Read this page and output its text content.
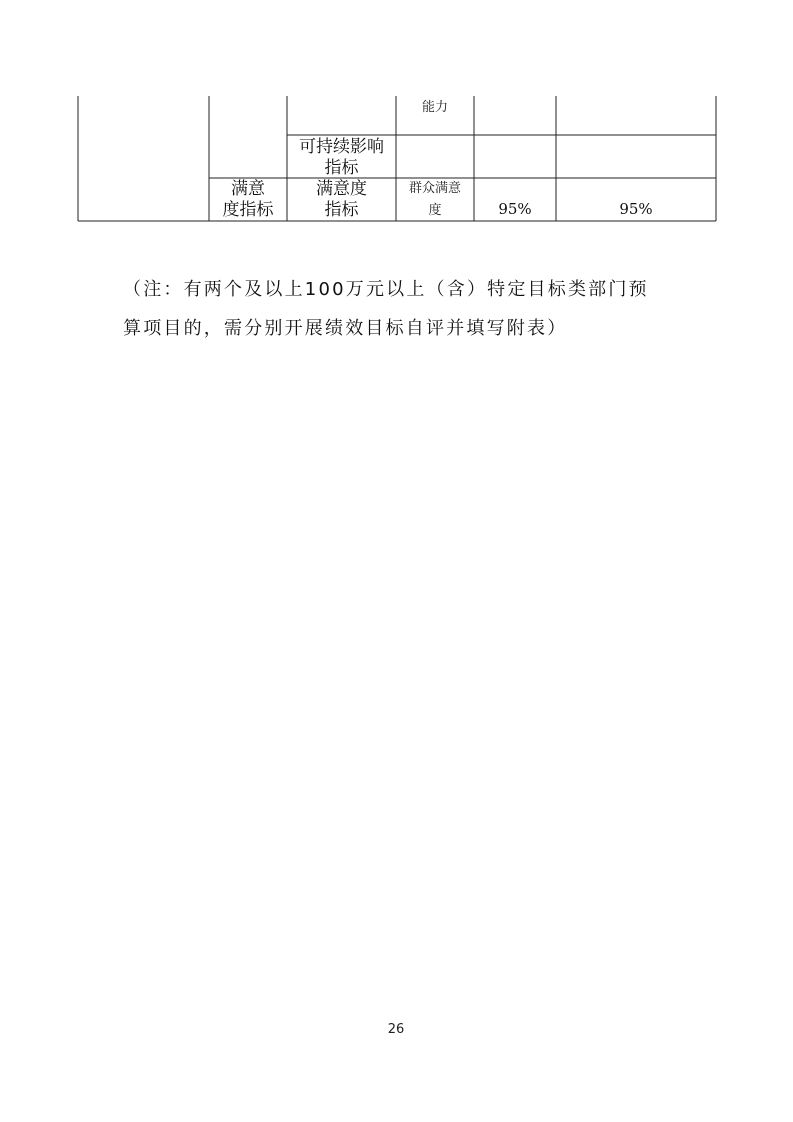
能力
可持续影响
指标
满意
度指标
满意度
指标
群众满意
度	95%	95%
（注：有两个及以上100万元以上（含）特定目标类部门预
算项目的，需分别开展绩效目标自评并填写附表）
26
